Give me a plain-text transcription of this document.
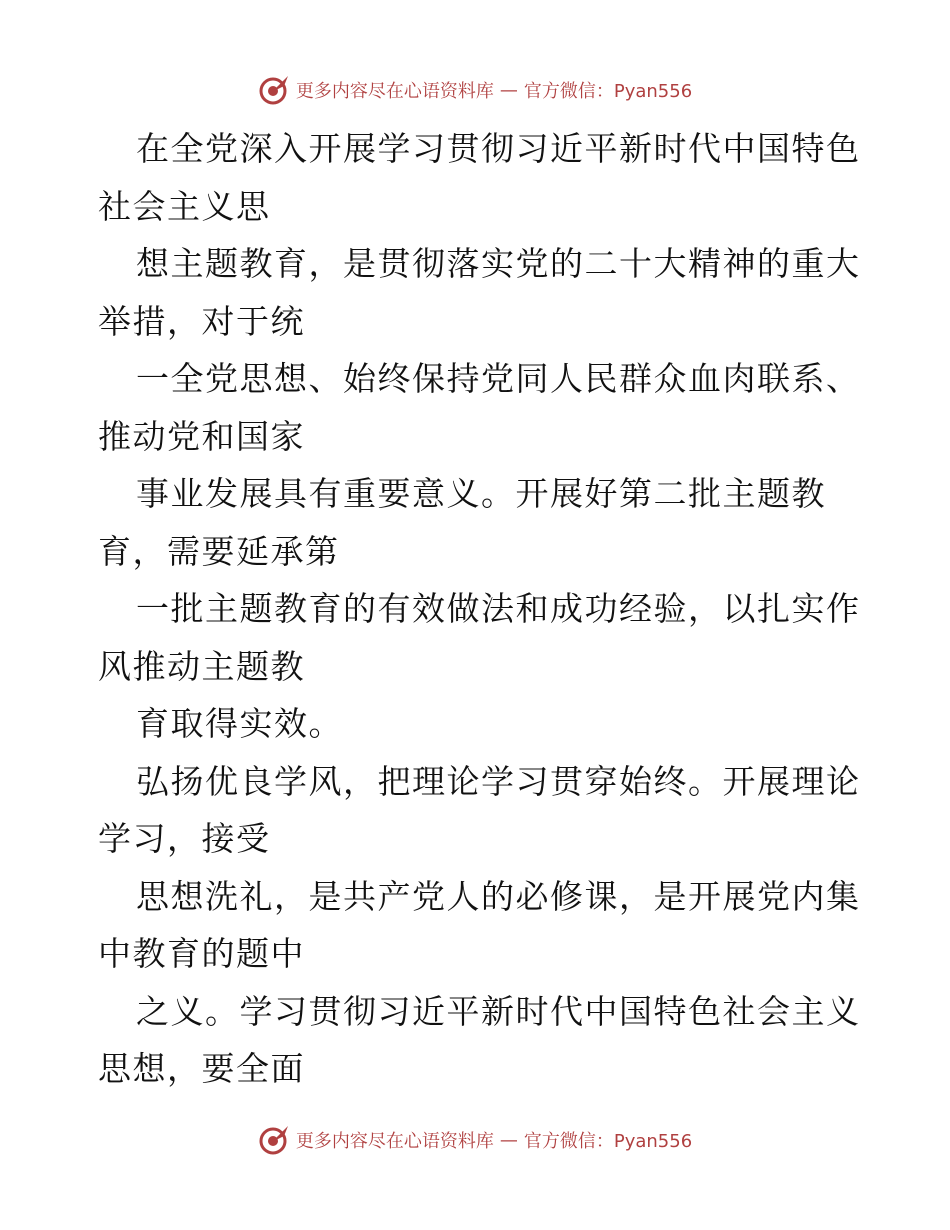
更多内容尽在心语资料库 — 官方微信：Pyan556
在全党深入开展学习贯彻习近平新时代中国特色
社会主义思
想主题教育，是贯彻落实党的二十大精神的重大
举措，对于统
一全党思想、始终保持党同人民群众血肉联系、
推动党和国家
事业发展具有重要意义。开展好第二批主题教
育，需要延承第
一批主题教育的有效做法和成功经验，以扎实作
风推动主题教
育取得实效。
弘扬优良学风，把理论学习贯穿始终。开展理论
学习，接受
思想洗礼，是共产党人的必修课，是开展党内集
中教育的题中
之义。学习贯彻习近平新时代中国特色社会主义
思想，要全面
更多内容尽在心语资料库 — 官方微信：Pyan556
